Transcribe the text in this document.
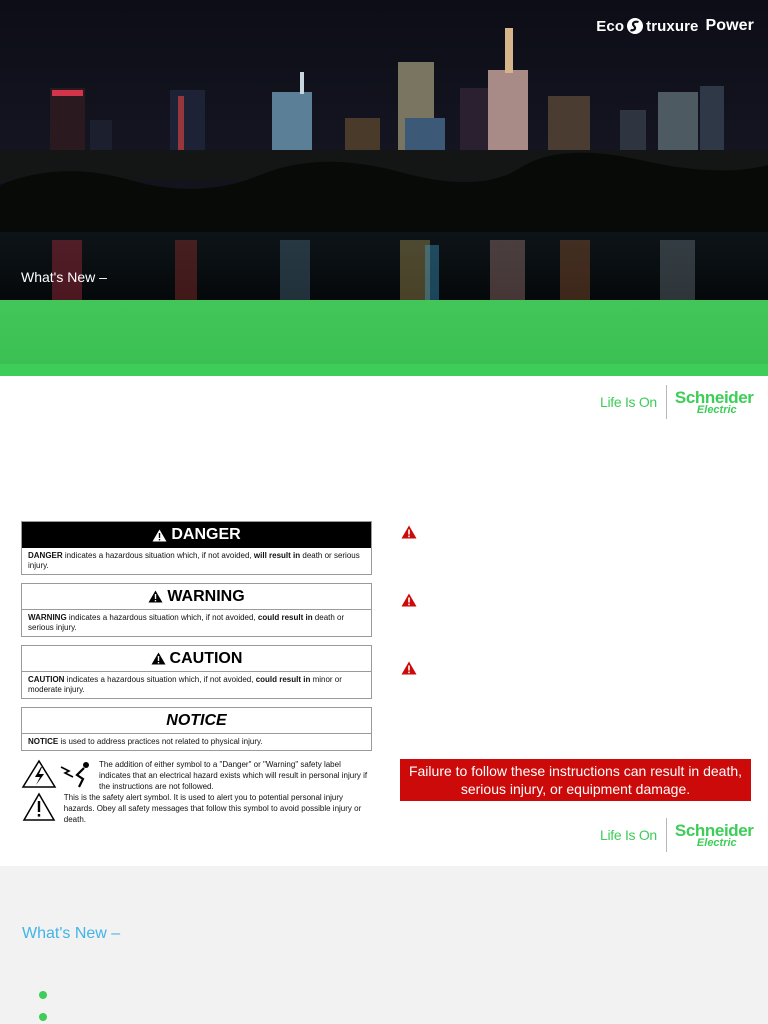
Eco truxure Power
What's New –
Life Is On Schneider
Electric
DANGER
DANGER indicates a hazardous situation which, if not avoided, will result in death or serious injury.
WARNING
WARNING indicates a hazardous situation which, if not avoided, could result in death or serious injury.
CAUTION
CAUTION indicates a hazardous situation which, if not avoided, could result in minor or moderate injury.
NOTICE
NOTICE is used to address practices not related to physical injury.
The addition of either symbol to a "Danger" or "Warning" safety label indicates that an electrical hazard exists which will result in personal injury if the instructions are not followed.
This is the safety alert symbol. It is used to alert you to potential personal injury hazards. Obey all safety messages that follow this symbol to avoid possible injury or death.
Failure to follow these instructions can result in death, serious injury, or equipment damage.
Life Is On Schneider
Electric
What's New –
